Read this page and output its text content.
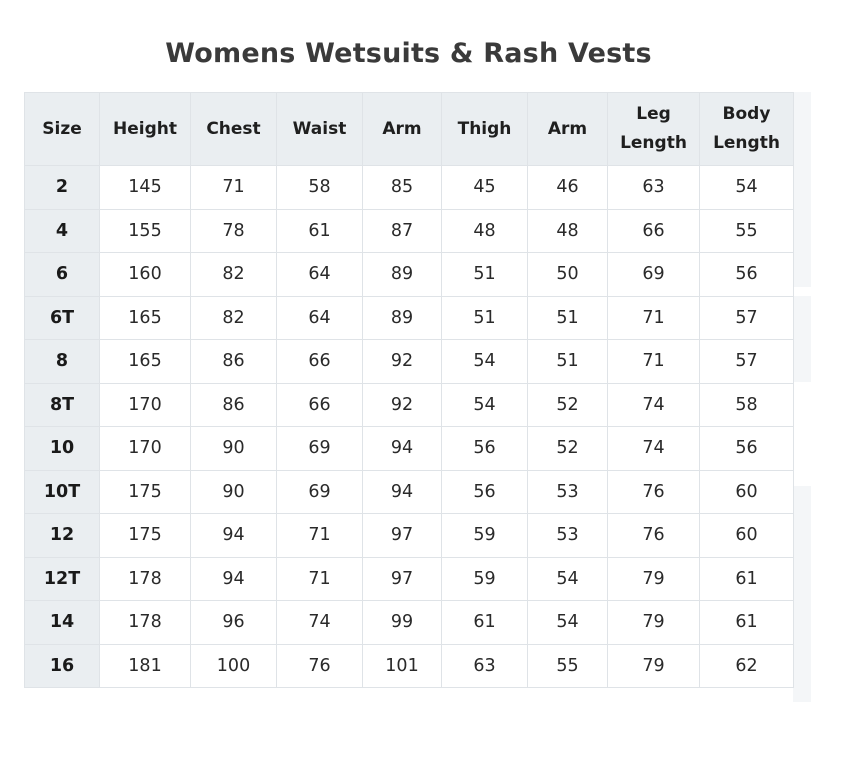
Womens Wetsuits & Rash Vests
Size	Height	Chest	Waist	Arm	Thigh	Arm	Leg Length	Body Length
2	145	71	58	85	45	46	63	54
4	155	78	61	87	48	48	66	55
6	160	82	64	89	51	50	69	56
6T	165	82	64	89	51	51	71	57
8	165	86	66	92	54	51	71	57
8T	170	86	66	92	54	52	74	58
10	170	90	69	94	56	52	74	56
10T	175	90	69	94	56	53	76	60
12	175	94	71	97	59	53	76	60
12T	178	94	71	97	59	54	79	61
14	178	96	74	99	61	54	79	61
16	181	100	76	101	63	55	79	62
